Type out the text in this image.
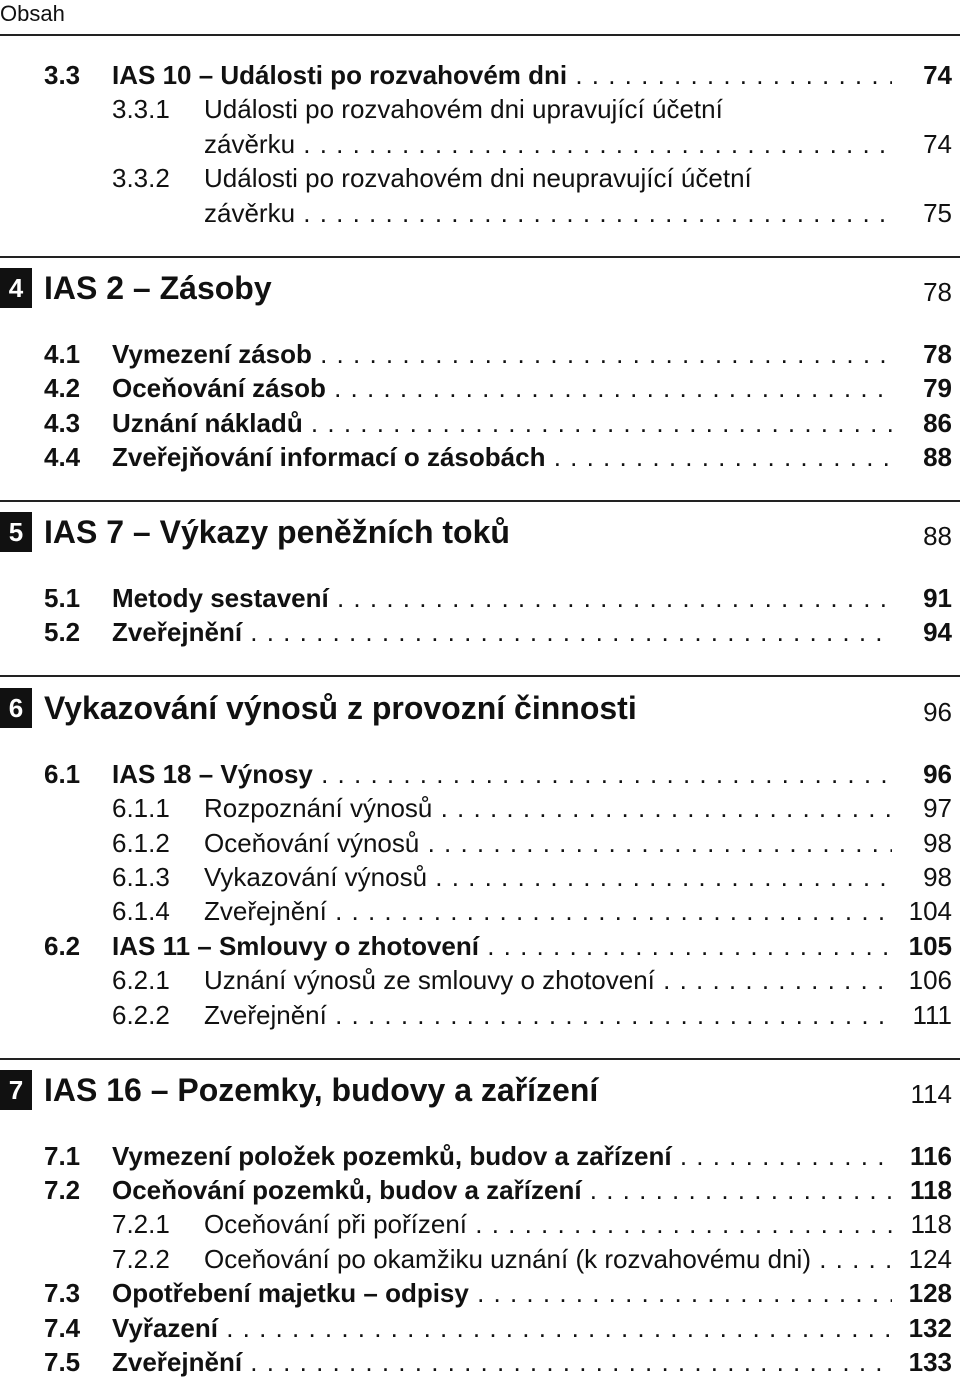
Obsah
3.3 IAS 10 – Události po rozvahovém dni . . .	74
3.3.1 Události po rozvahovém dni upravující účetní
závěrku . . .	74
3.3.2 Události po rozvahovém dni neupravující účetní
závěrku . . .	75
4 IAS 2 – Zásoby	78
4.1 Vymezení zásob . . .	78
4.2 Oceňování zásob . . .	79
4.3 Uznání nákladů . . .	86
4.4 Zveřejňování informací o zásobách . . .	88
5 IAS 7 – Výkazy peněžních toků	88
5.1 Metody sestavení . . .	91
5.2 Zveřejnění . . .	94
6 Vykazování výnosů z provozní činnosti	96
6.1 IAS 18 – Výnosy . . .	96
6.1.1 Rozpoznání výnosů . . .	97
6.1.2 Oceňování výnosů . . .	98
6.1.3 Vykazování výnosů . . .	98
6.1.4 Zveřejnění . . .	104
6.2 IAS 11 – Smlouvy o zhotovení . . .	105
6.2.1 Uznání výnosů ze smlouvy o zhotovení . . .	106
6.2.2 Zveřejnění . . .	111
7 IAS 16 – Pozemky, budovy a zařízení	114
7.1 Vymezení položek pozemků, budov a zařízení . . .	116
7.2 Oceňování pozemků, budov a zařízení . . .	118
7.2.1 Oceňování při pořízení . . .	118
7.2.2 Oceňování po okamžiku uznání (k rozvahovému dni) . . .	124
7.3 Opotřebení majetku – odpisy . . .	128
7.4 Vyřazení . . .	132
7.5 Zveřejnění . . .	133
